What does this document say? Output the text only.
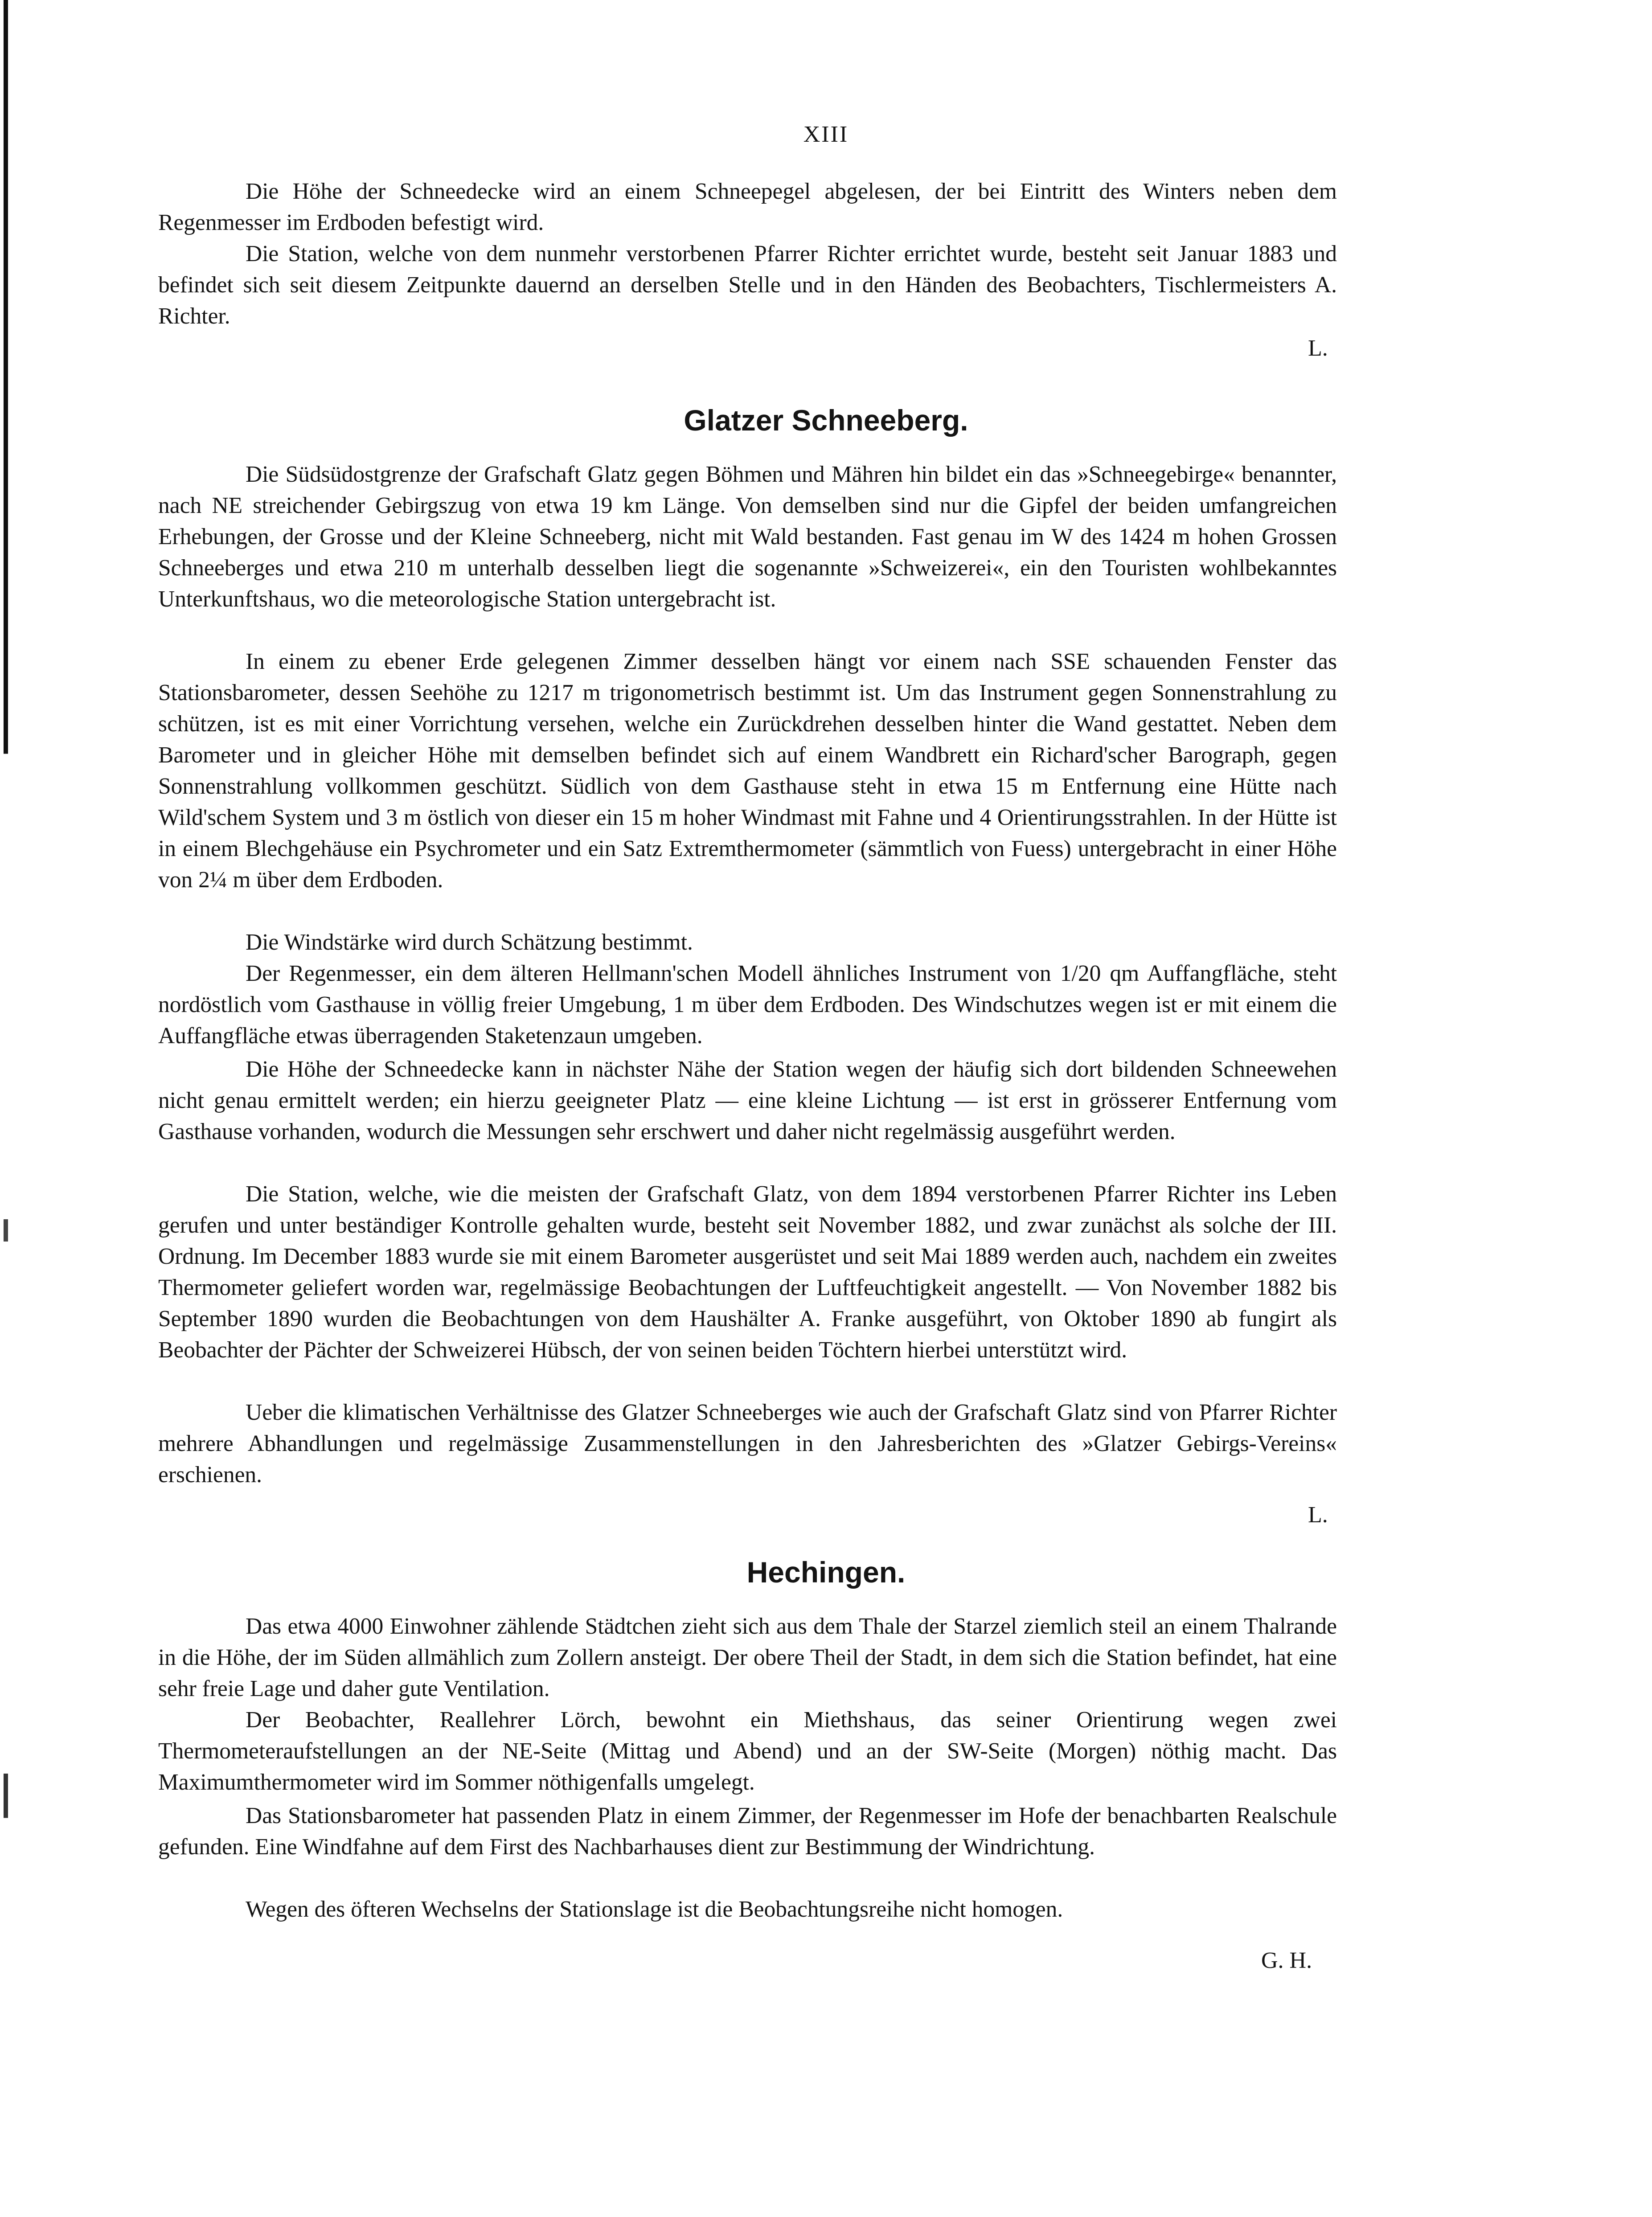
XIII

Die Höhe der Schneedecke wird an einem Schneepegel abgelesen, der bei Eintritt des Winters neben dem Regenmesser im Erdboden befestigt wird.

Die Station, welche von dem nunmehr verstorbenen Pfarrer Richter errichtet wurde, besteht seit Januar 1883 und befindet sich seit diesem Zeitpunkte dauernd an derselben Stelle und in den Händen des Beobachters, Tischlermeisters A. Richter.

L.
Glatzer Schneeberg.

Die Südsüdostgrenze der Grafschaft Glatz gegen Böhmen und Mähren hin bildet ein das »Schneegebirge« benannter, nach NE streichender Gebirgszug von etwa 19 km Länge. Von demselben sind nur die Gipfel der beiden umfangreichen Erhebungen, der Grosse und der Kleine Schneeberg, nicht mit Wald bestanden. Fast genau im W des 1424 m hohen Grossen Schneeberges und etwa 210 m unterhalb desselben liegt die sogenannte »Schweizerei«, ein den Touristen wohlbekanntes Unterkunftshaus, wo die meteorologische Station untergebracht ist.

In einem zu ebener Erde gelegenen Zimmer desselben hängt vor einem nach SSE schauenden Fenster das Stationsbarometer, dessen Seehöhe zu 1217 m trigonometrisch bestimmt ist. Um das Instrument gegen Sonnenstrahlung zu schützen, ist es mit einer Vorrichtung versehen, welche ein Zurückdrehen desselben hinter die Wand gestattet. Neben dem Barometer und in gleicher Höhe mit demselben befindet sich auf einem Wandbrett ein Richard'scher Barograph, gegen Sonnenstrahlung vollkommen geschützt. Südlich von dem Gasthause steht in etwa 15 m Entfernung eine Hütte nach Wild'schem System und 3 m östlich von dieser ein 15 m hoher Windmast mit Fahne und 4 Orientirungsstrahlen. In der Hütte ist in einem Blechgehäuse ein Psychrometer und ein Satz Extremthermometer (sämmtlich von Fuess) untergebracht in einer Höhe von 2¼ m über dem Erdboden.

Die Windstärke wird durch Schätzung bestimmt.

Der Regenmesser, ein dem älteren Hellmann'schen Modell ähnliches Instrument von 1/20 qm Auffangfläche, steht nordöstlich vom Gasthause in völlig freier Umgebung, 1 m über dem Erdboden. Des Windschutzes wegen ist er mit einem die Auffangfläche etwas überragenden Staketenzaun umgeben.

Die Höhe der Schneedecke kann in nächster Nähe der Station wegen der häufig sich dort bildenden Schneewehen nicht genau ermittelt werden; ein hierzu geeigneter Platz — eine kleine Lichtung — ist erst in grösserer Entfernung vom Gasthause vorhanden, wodurch die Messungen sehr erschwert und daher nicht regelmässig ausgeführt werden.

Die Station, welche, wie die meisten der Grafschaft Glatz, von dem 1894 verstorbenen Pfarrer Richter ins Leben gerufen und unter beständiger Kontrolle gehalten wurde, besteht seit November 1882, und zwar zunächst als solche der III. Ordnung. Im December 1883 wurde sie mit einem Barometer ausgerüstet und seit Mai 1889 werden auch, nachdem ein zweites Thermometer geliefert worden war, regelmässige Beobachtungen der Luftfeuchtigkeit angestellt. — Von November 1882 bis September 1890 wurden die Beobachtungen von dem Haushälter A. Franke ausgeführt, von Oktober 1890 ab fungirt als Beobachter der Pächter der Schweizerei Hübsch, der von seinen beiden Töchtern hierbei unterstützt wird.

Ueber die klimatischen Verhältnisse des Glatzer Schneeberges wie auch der Grafschaft Glatz sind von Pfarrer Richter mehrere Abhandlungen und regelmässige Zusammenstellungen in den Jahresberichten des »Glatzer Gebirgs-Vereins« erschienen.

L.
Hechingen.

Das etwa 4000 Einwohner zählende Städtchen zieht sich aus dem Thale der Starzel ziemlich steil an einem Thalrande in die Höhe, der im Süden allmählich zum Zollern ansteigt. Der obere Theil der Stadt, in dem sich die Station befindet, hat eine sehr freie Lage und daher gute Ventilation.

Der Beobachter, Reallehrer Lörch, bewohnt ein Miethshaus, das seiner Orientirung wegen zwei Thermometeraufstellungen an der NE-Seite (Mittag und Abend) und an der SW-Seite (Morgen) nöthig macht. Das Maximumthermometer wird im Sommer nöthigenfalls umgelegt.

Das Stationsbarometer hat passenden Platz in einem Zimmer, der Regenmesser im Hofe der benachbarten Realschule gefunden. Eine Windfahne auf dem First des Nachbarhauses dient zur Bestimmung der Windrichtung.

Wegen des öfteren Wechselns der Stationslage ist die Beobachtungsreihe nicht homogen.

G. H.
